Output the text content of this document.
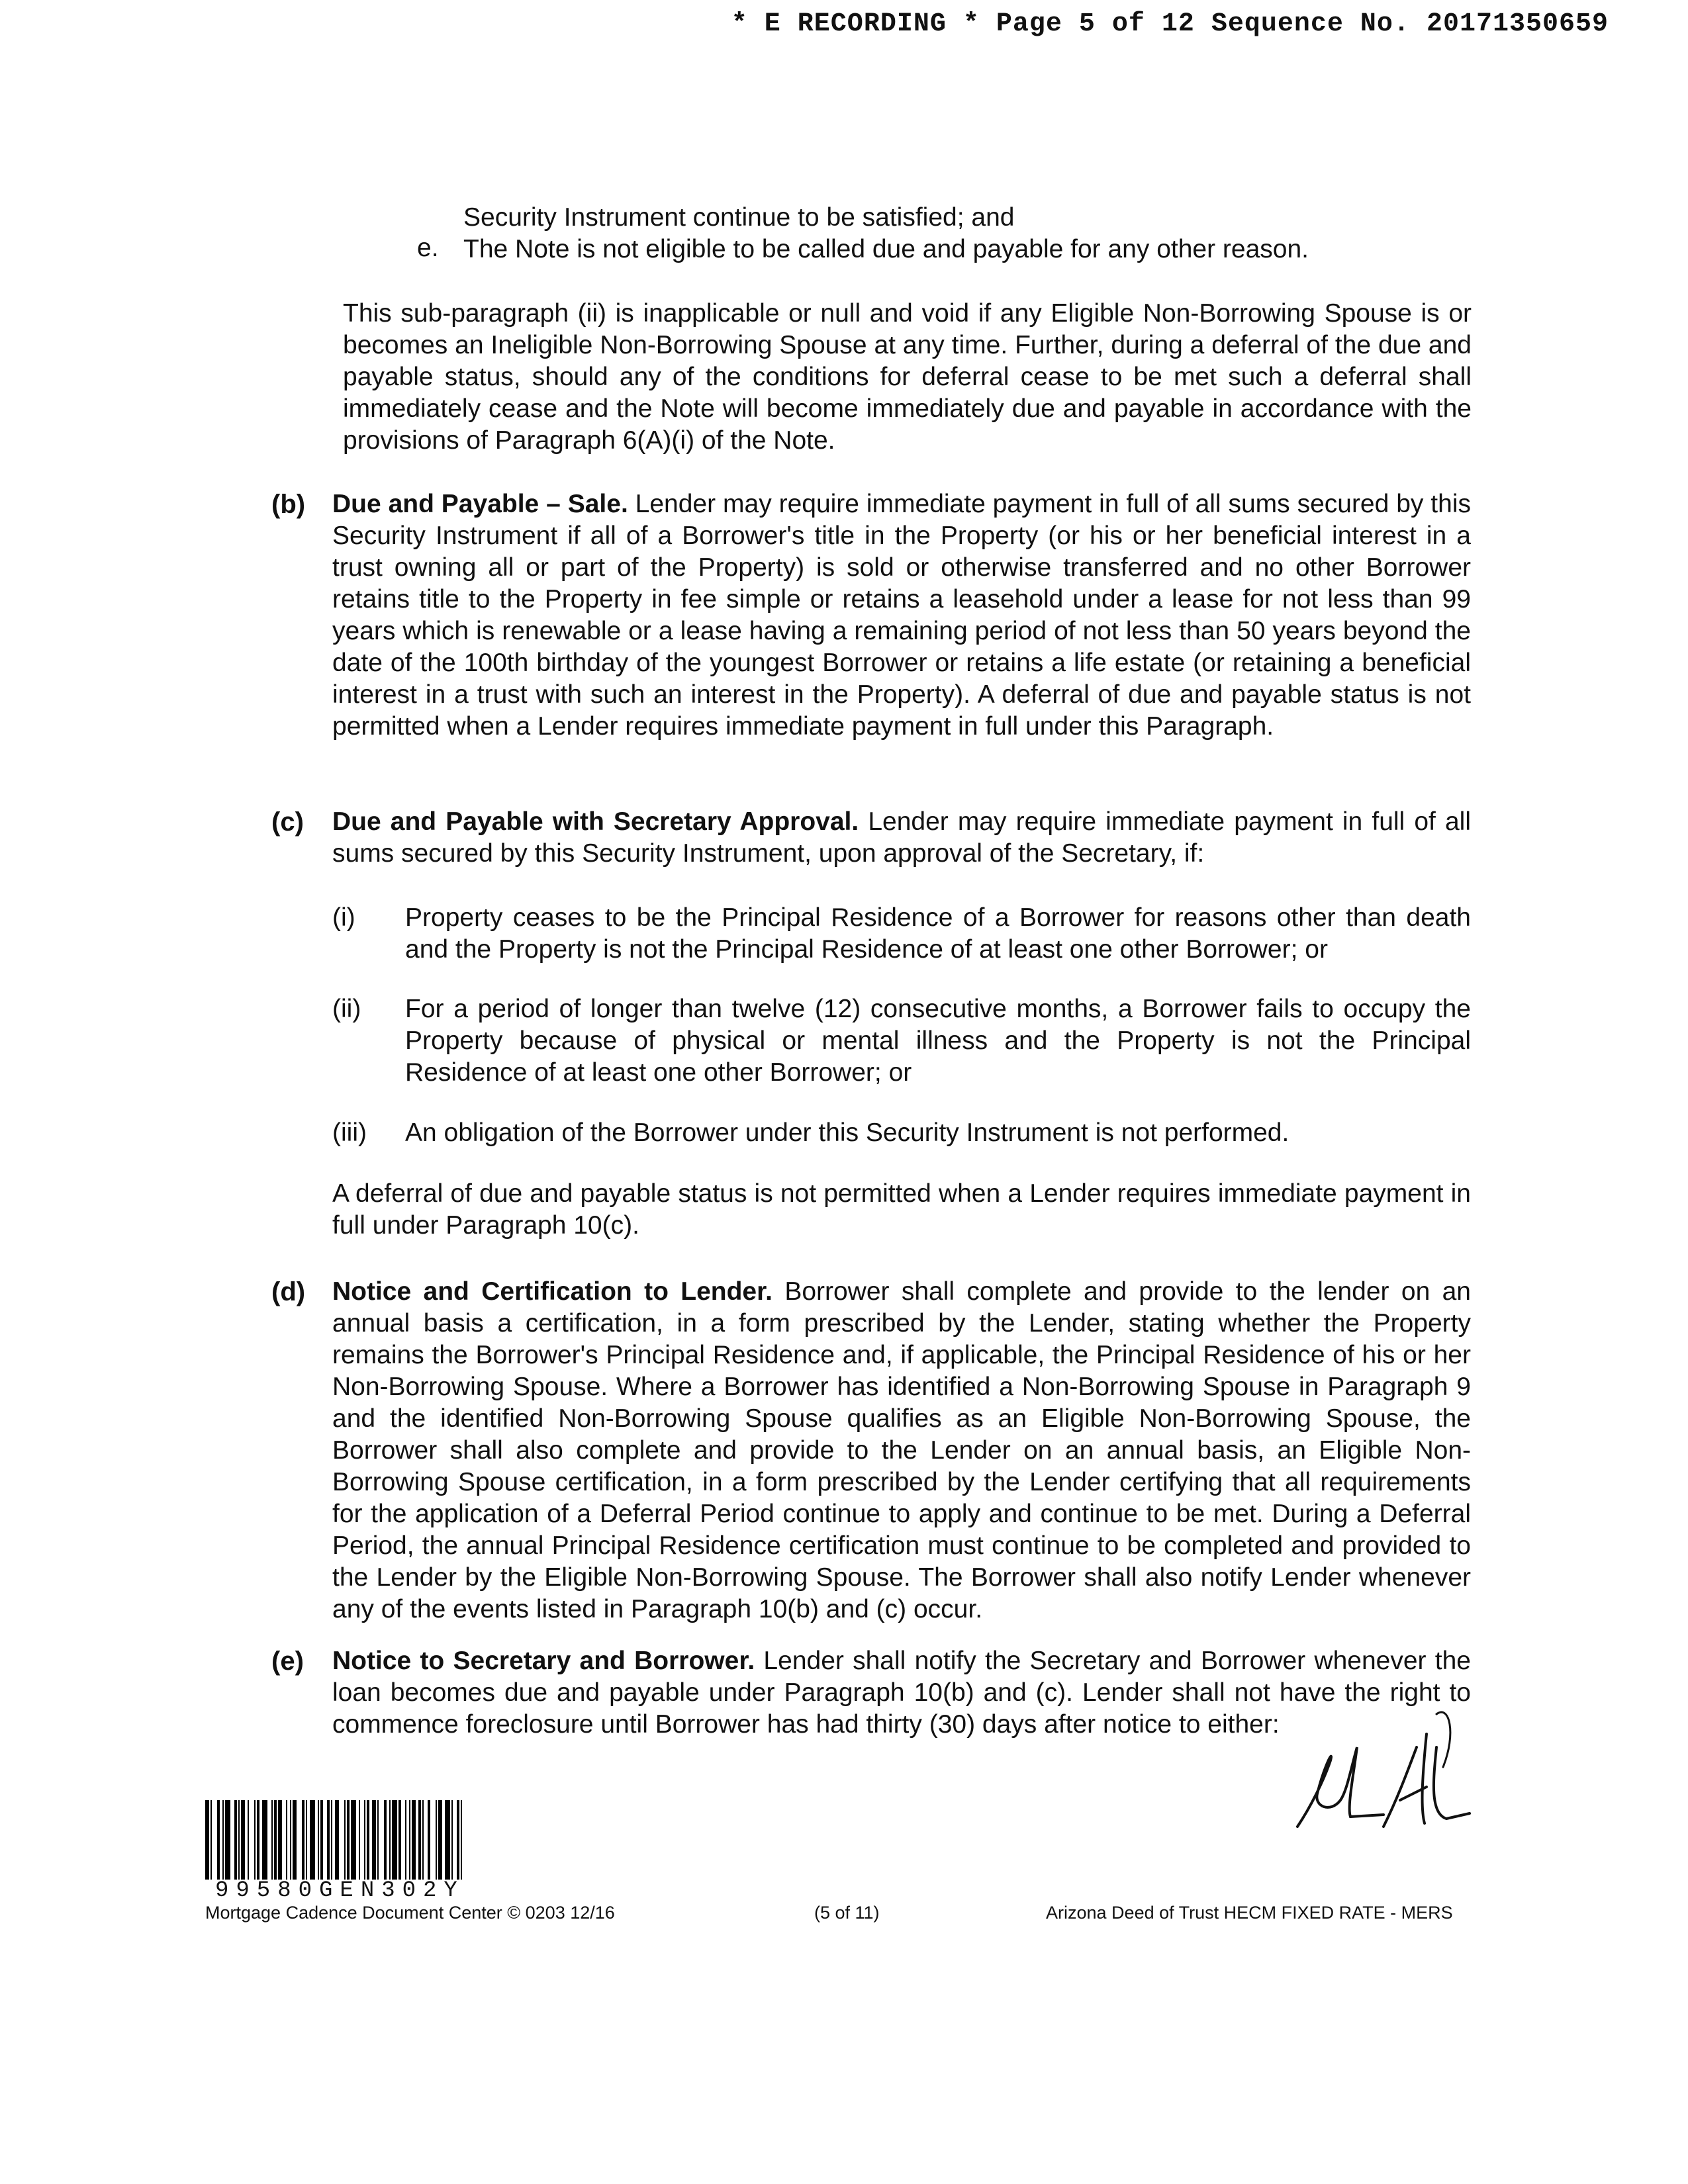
* E RECORDING * Page 5 of 12 Sequence No. 20171350659

Security Instrument continue to be satisfied; and

e. The Note is not eligible to be called due and payable for any other reason.

This sub-paragraph (ii) is inapplicable or null and void if any Eligible Non-Borrowing Spouse is or becomes an Ineligible Non-Borrowing Spouse at any time. Further, during a deferral of the due and payable status, should any of the conditions for deferral cease to be met such a deferral shall immediately cease and the Note will become immediately due and payable in accordance with the provisions of Paragraph 6(A)(i) of the Note.

(b) Due and Payable – Sale. Lender may require immediate payment in full of all sums secured by this Security Instrument if all of a Borrower's title in the Property (or his or her beneficial interest in a trust owning all or part of the Property) is sold or otherwise transferred and no other Borrower retains title to the Property in fee simple or retains a leasehold under a lease for not less than 99 years which is renewable or a lease having a remaining period of not less than 50 years beyond the date of the 100th birthday of the youngest Borrower or retains a life estate (or retaining a beneficial interest in a trust with such an interest in the Property). A deferral of due and payable status is not permitted when a Lender requires immediate payment in full under this Paragraph.

(c) Due and Payable with Secretary Approval. Lender may require immediate payment in full of all sums secured by this Security Instrument, upon approval of the Secretary, if:

(i) Property ceases to be the Principal Residence of a Borrower for reasons other than death and the Property is not the Principal Residence of at least one other Borrower; or

(ii) For a period of longer than twelve (12) consecutive months, a Borrower fails to occupy the Property because of physical or mental illness and the Property is not the Principal Residence of at least one other Borrower; or

(iii) An obligation of the Borrower under this Security Instrument is not performed.

A deferral of due and payable status is not permitted when a Lender requires immediate payment in full under Paragraph 10(c).

(d) Notice and Certification to Lender. Borrower shall complete and provide to the lender on an annual basis a certification, in a form prescribed by the Lender, stating whether the Property remains the Borrower's Principal Residence and, if applicable, the Principal Residence of his or her Non-Borrowing Spouse. Where a Borrower has identified a Non-Borrowing Spouse in Paragraph 9 and the identified Non-Borrowing Spouse qualifies as an Eligible Non-Borrowing Spouse, the Borrower shall also complete and provide to the Lender on an annual basis, an Eligible Non-Borrowing Spouse certification, in a form prescribed by the Lender certifying that all requirements for the application of a Deferral Period continue to apply and continue to be met. During a Deferral Period, the annual Principal Residence certification must continue to be completed and provided to the Lender by the Eligible Non-Borrowing Spouse. The Borrower shall also notify Lender whenever any of the events listed in Paragraph 10(b) and (c) occur.

(e) Notice to Secretary and Borrower. Lender shall notify the Secretary and Borrower whenever the loan becomes due and payable under Paragraph 10(b) and (c). Lender shall not have the right to commence foreclosure until Borrower has had thirty (30) days after notice to either:

99580GEN302Y
Mortgage Cadence Document Center © 0203 12/16	(5 of 11)	Arizona Deed of Trust HECM FIXED RATE - MERS
